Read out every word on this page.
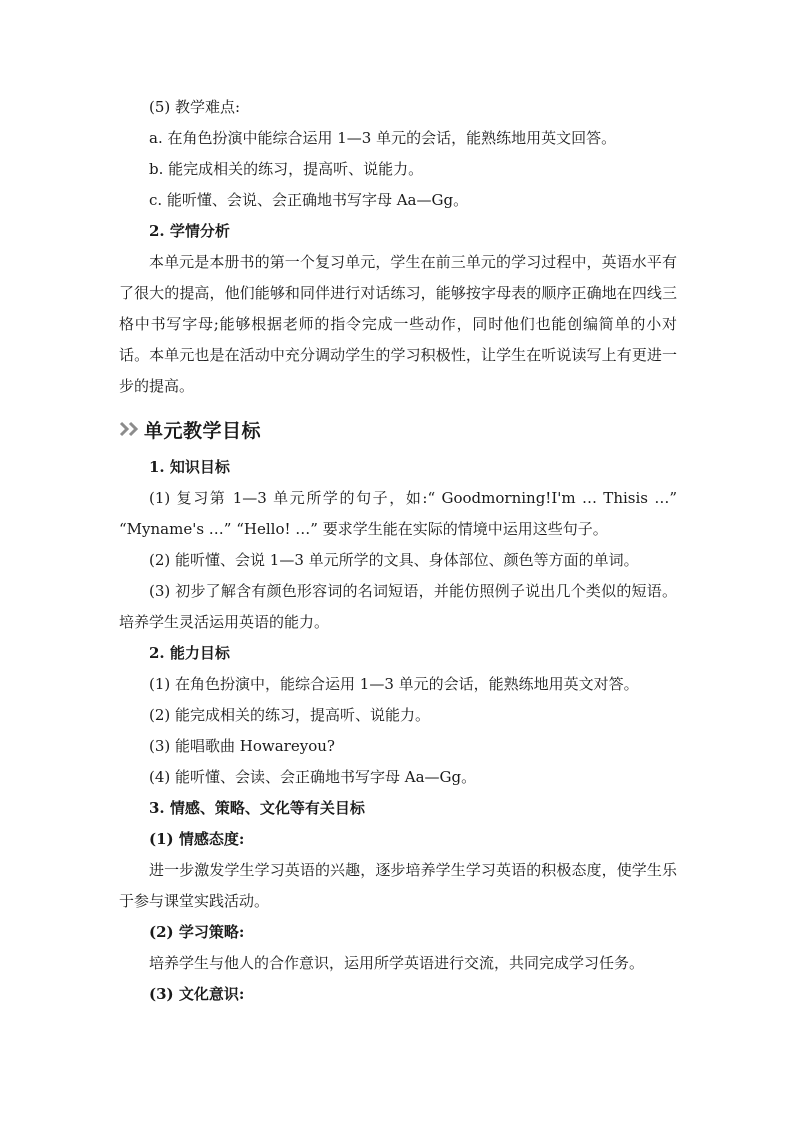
(5) 教学难点:
a. 在角色扮演中能综合运用 1—3 单元的会话，能熟练地用英文回答。
b. 能完成相关的练习，提高听、说能力。
c. 能听懂、会说、会正确地书写字母 Aa—Gg。
2. 学情分析
本单元是本册书的第一个复习单元，学生在前三单元的学习过程中，英语水平有了很大的提高，他们能够和同伴进行对话练习，能够按字母表的顺序正确地在四线三格中书写字母;能够根据老师的指令完成一些动作，同时他们也能创编简单的小对话。本单元也是在活动中充分调动学生的学习积极性，让学生在听说读写上有更进一步的提高。
单元教学目标
1. 知识目标
(1) 复习第 1—3 单元所学的句子，如:“ Goodmorning!I'm … Thisis …” “Myname's …” “Hello! …” 要求学生能在实际的情境中运用这些句子。
(2) 能听懂、会说 1—3 单元所学的文具、身体部位、颜色等方面的单词。
(3) 初步了解含有颜色形容词的名词短语，并能仿照例子说出几个类似的短语。培养学生灵活运用英语的能力。
2. 能力目标
(1) 在角色扮演中，能综合运用 1—3 单元的会话，能熟练地用英文对答。
(2) 能完成相关的练习，提高听、说能力。
(3) 能唱歌曲 Howareyou?
(4) 能听懂、会读、会正确地书写字母 Aa—Gg。
3. 情感、策略、文化等有关目标
(1) 情感态度:
进一步激发学生学习英语的兴趣，逐步培养学生学习英语的积极态度，使学生乐于参与课堂实践活动。
(2) 学习策略:
培养学生与他人的合作意识，运用所学英语进行交流，共同完成学习任务。
(3) 文化意识:
